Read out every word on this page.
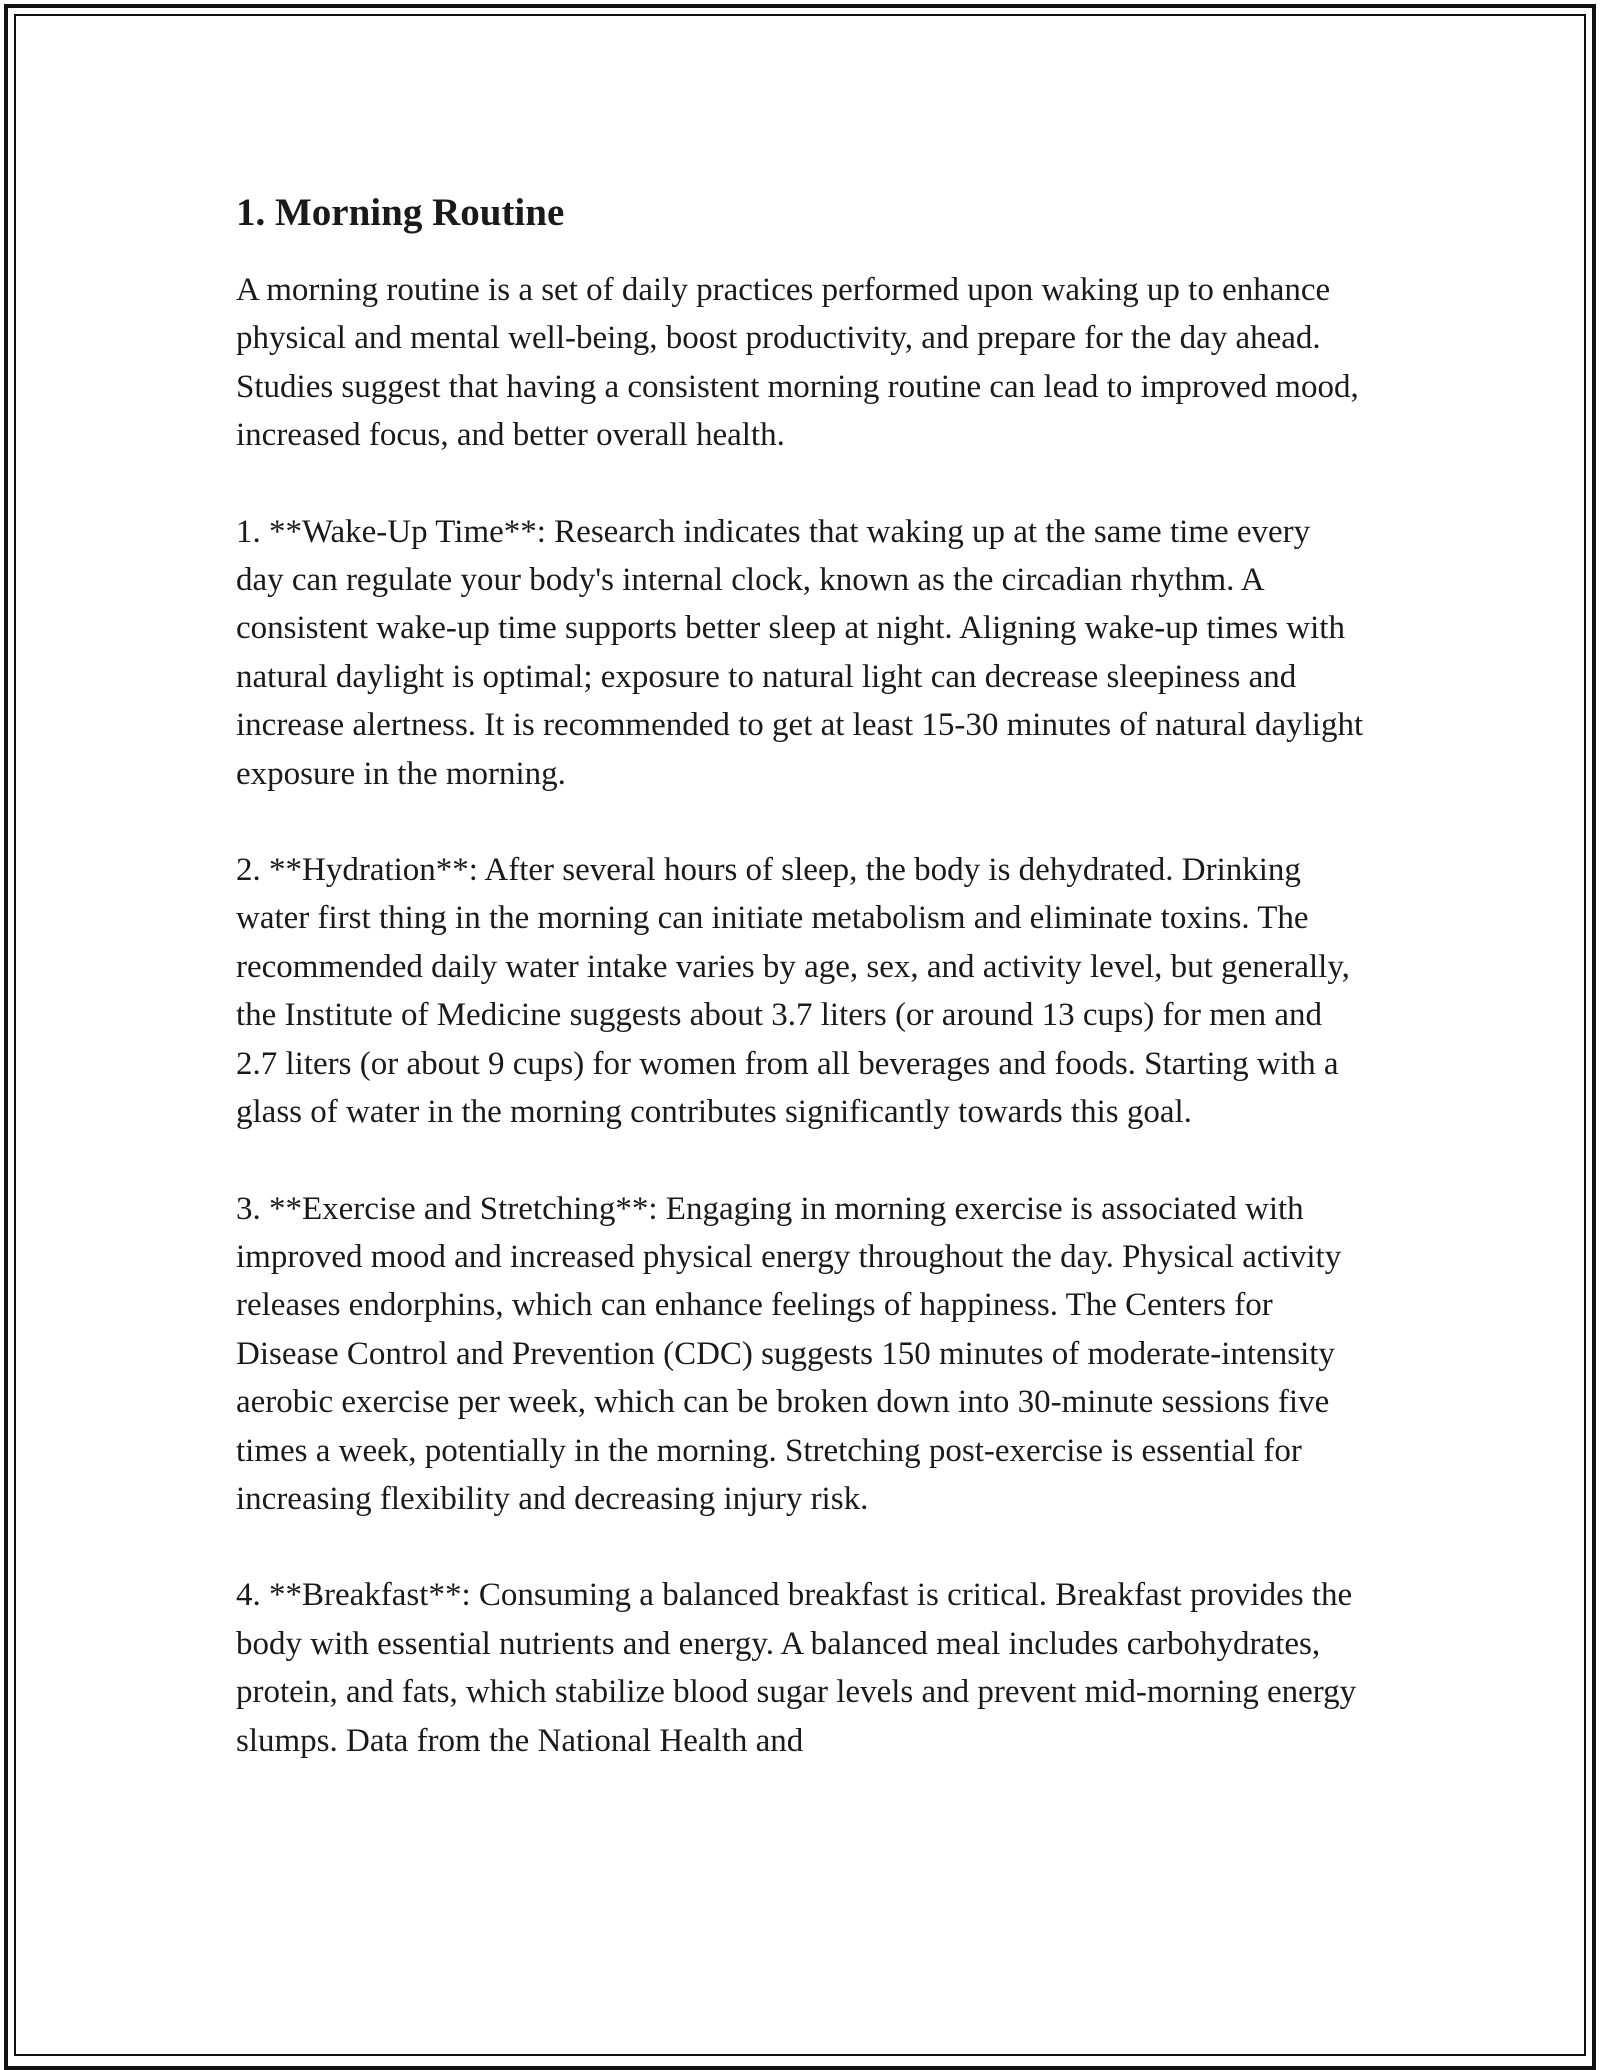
1. Morning Routine

A morning routine is a set of daily practices performed upon waking up to enhance physical and mental well-being, boost productivity, and prepare for the day ahead. Studies suggest that having a consistent morning routine can lead to improved mood, increased focus, and better overall health.

1. **Wake-Up Time**: Research indicates that waking up at the same time every day can regulate your body's internal clock, known as the circadian rhythm. A consistent wake-up time supports better sleep at night. Aligning wake-up times with natural daylight is optimal; exposure to natural light can decrease sleepiness and increase alertness. It is recommended to get at least 15-30 minutes of natural daylight exposure in the morning.

2. **Hydration**: After several hours of sleep, the body is dehydrated. Drinking water first thing in the morning can initiate metabolism and eliminate toxins. The recommended daily water intake varies by age, sex, and activity level, but generally, the Institute of Medicine suggests about 3.7 liters (or around 13 cups) for men and 2.7 liters (or about 9 cups) for women from all beverages and foods. Starting with a glass of water in the morning contributes significantly towards this goal.

3. **Exercise and Stretching**: Engaging in morning exercise is associated with improved mood and increased physical energy throughout the day. Physical activity releases endorphins, which can enhance feelings of happiness. The Centers for Disease Control and Prevention (CDC) suggests 150 minutes of moderate-intensity aerobic exercise per week, which can be broken down into 30-minute sessions five times a week, potentially in the morning. Stretching post-exercise is essential for increasing flexibility and decreasing injury risk.

4. **Breakfast**: Consuming a balanced breakfast is critical. Breakfast provides the body with essential nutrients and energy. A balanced meal includes carbohydrates, protein, and fats, which stabilize blood sugar levels and prevent mid-morning energy slumps. Data from the National Health and
